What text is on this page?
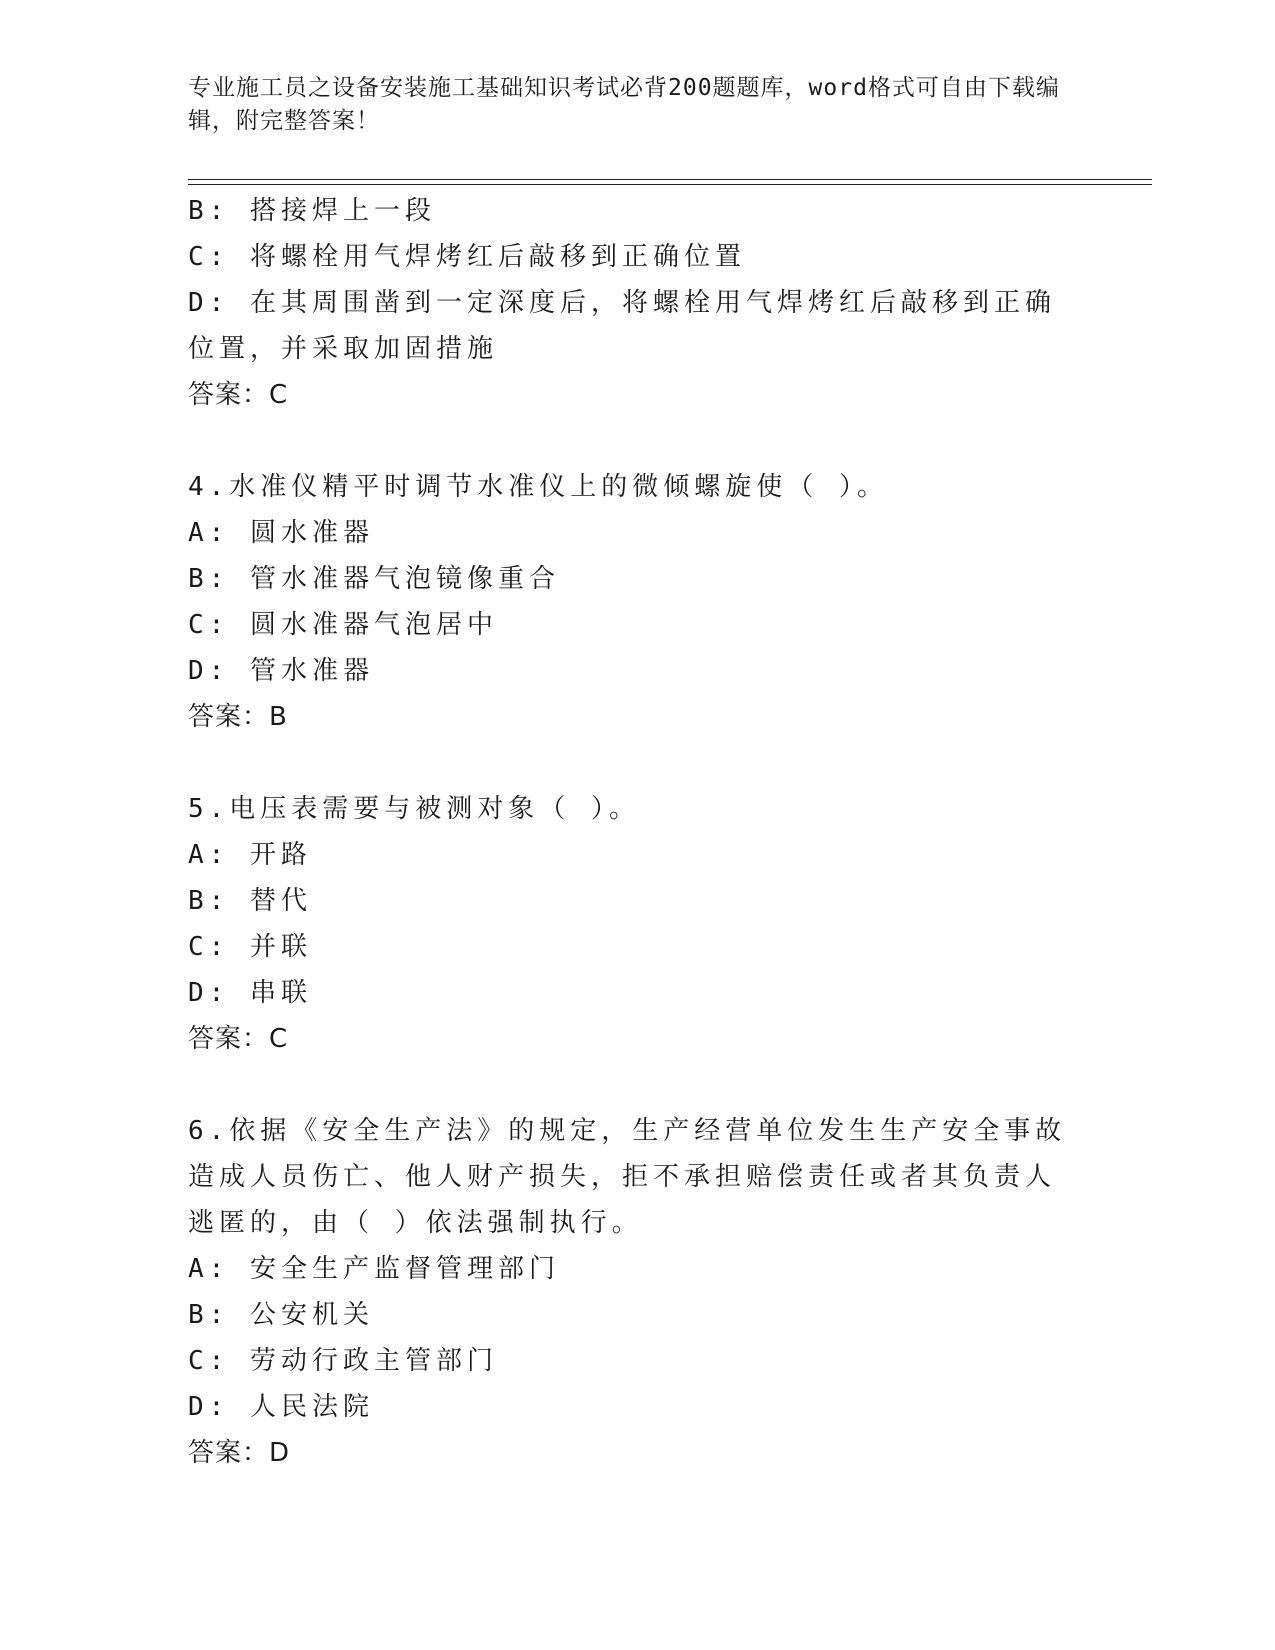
专业施工员之设备安装施工基础知识考试必背200题题库，word格式可自由下载编辑，附完整答案！
B: 搭接焊上一段
C: 将螺栓用气焊烤红后敲移到正确位置
D: 在其周围凿到一定深度后，将螺栓用气焊烤红后敲移到正确位置，并采取加固措施
答案：C
4.水准仪精平时调节水准仪上的微倾螺旋使（ ）。
A: 圆水准器
B: 管水准器气泡镜像重合
C: 圆水准器气泡居中
D: 管水准器
答案：B
5.电压表需要与被测对象（ ）。
A: 开路
B: 替代
C: 并联
D: 串联
答案：C
6.依据《安全生产法》的规定，生产经营单位发生生产安全事故造成人员伤亡、他人财产损失，拒不承担赔偿责任或者其负责人逃匿的，由（ ）依法强制执行。
A: 安全生产监督管理部门
B: 公安机关
C: 劳动行政主管部门
D: 人民法院
答案：D
